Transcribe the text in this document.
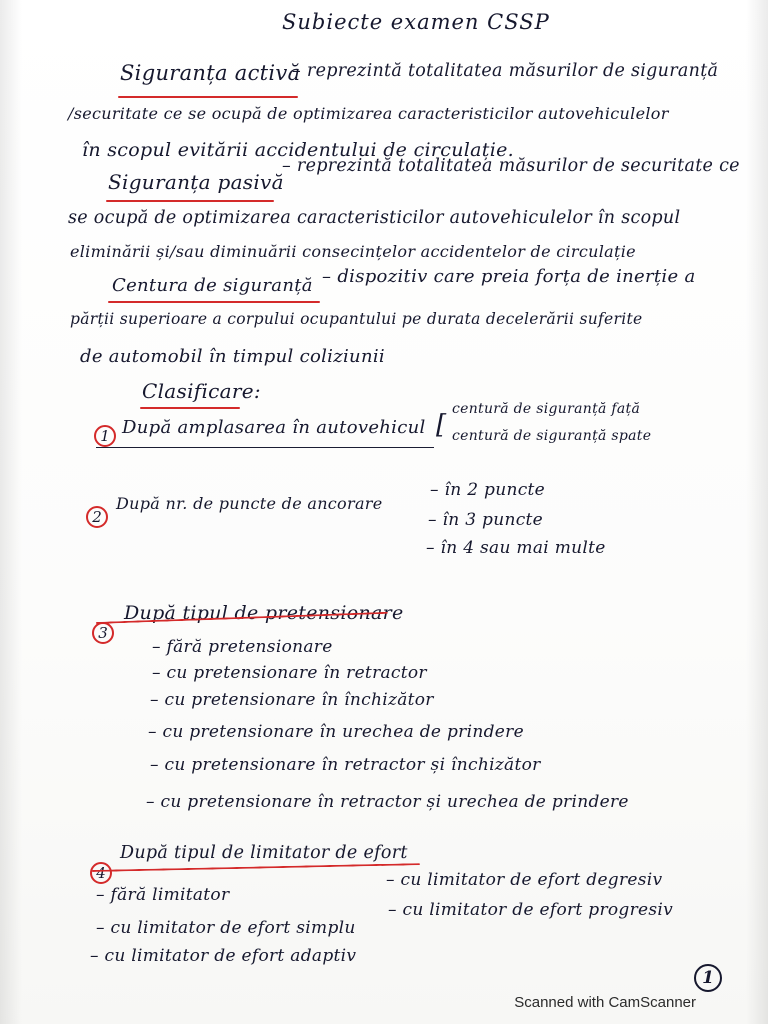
Subiecte examen CSSP
Siguranța activă
– reprezintă totalitatea măsurilor de siguranță
/securitate ce se ocupă de optimizarea caracteristicilor autovehiculelor
în scopul evitării accidentului de circulație.
Siguranța pasivă
– reprezintă totalitatea măsurilor de securitate ce
se ocupă de optimizarea caracteristicilor autovehiculelor în scopul
eliminării și/sau diminuării consecințelor accidentelor de circulație
Centura de siguranță – dispozitiv care preia forța de inerție a
părții superioare a corpului ocupantului pe durata decelerării suferite
de automobil în timpul coliziunii
Clasificare:
1 După amplasarea în autovehicul [
centură de siguranță față
centură de siguranță spate
2
După nr. de puncte de ancorare
– în 2 puncte
– în 3 puncte
– în 4 sau mai multe
3
După tipul de pretensionare
– fără pretensionare
– cu pretensionare în retractor
– cu pretensionare în închizător
– cu pretensionare în urechea de prindere
– cu pretensionare în retractor și închizător
– cu pretensionare în retractor și urechea de prindere
4
După tipul de limitator de efort
– fără limitator
– cu limitator de efort simplu
– cu limitator de efort adaptiv
– cu limitator de efort degresiv
– cu limitator de efort progresiv
1
Scanned with CamScanner
